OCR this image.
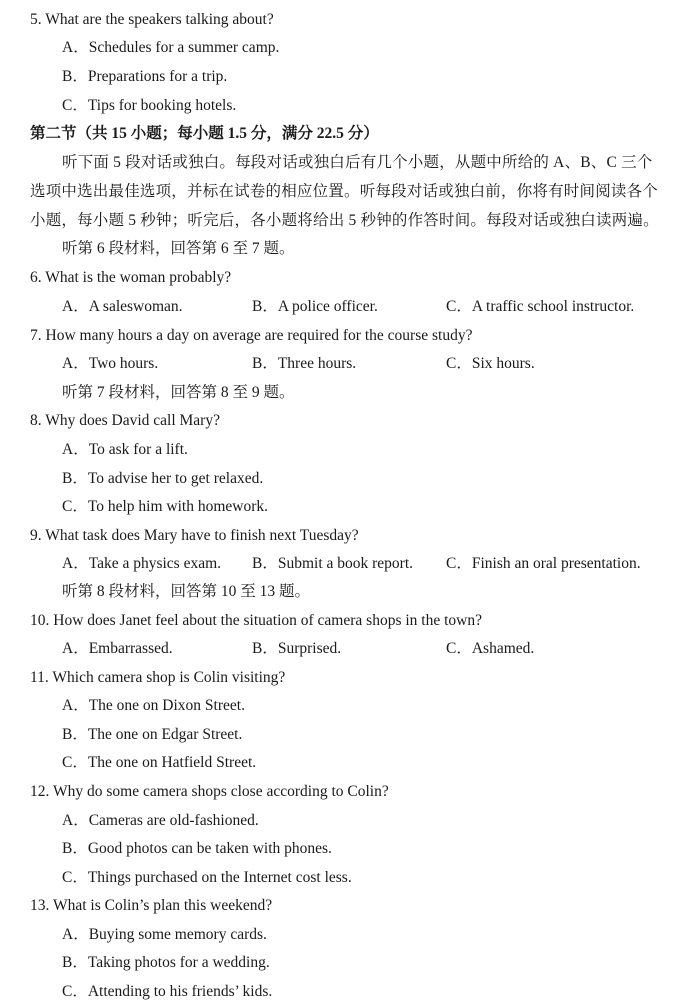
5. What are the speakers talking about?
A．Schedules for a summer camp.
B．Preparations for a trip.
C．Tips for booking hotels.
第二节（共 15 小题；每小题 1.5 分，满分 22.5 分）
听下面 5 段对话或独白。每段对话或独白后有几个小题，从题中所给的 A、B、C 三个
选项中选出最佳选项，并标在试卷的相应位置。听每段对话或独白前，你将有时间阅读各个
小题，每小题 5 秒钟；听完后，各小题将给出 5 秒钟的作答时间。每段对话或独白读两遍。
听第 6 段材料，回答第 6 至 7 题。
6. What is the woman probably?
A．A saleswoman.	B．A police officer.	C．A traffic school instructor.
7. How many hours a day on average are required for the course study?
A．Two hours.	B．Three hours.	C．Six hours.
听第 7 段材料，回答第 8 至 9 题。
8. Why does David call Mary?
A．To ask for a lift.
B．To advise her to get relaxed.
C．To help him with homework.
9. What task does Mary have to finish next Tuesday?
A．Take a physics exam. B．Submit a book report. C．Finish an oral presentation.
听第 8 段材料，回答第 10 至 13 题。
10. How does Janet feel about the situation of camera shops in the town?
A．Embarrassed.	B．Surprised.	C．Ashamed.
11. Which camera shop is Colin visiting?
A．The one on Dixon Street.
B．The one on Edgar Street.
C．The one on Hatfield Street.
12. Why do some camera shops close according to Colin?
A．Cameras are old-fashioned.
B．Good photos can be taken with phones.
C．Things purchased on the Internet cost less.
13. What is Colin’s plan this weekend?
A．Buying some memory cards.
B．Taking photos for a wedding.
C．Attending to his friends’ kids.
